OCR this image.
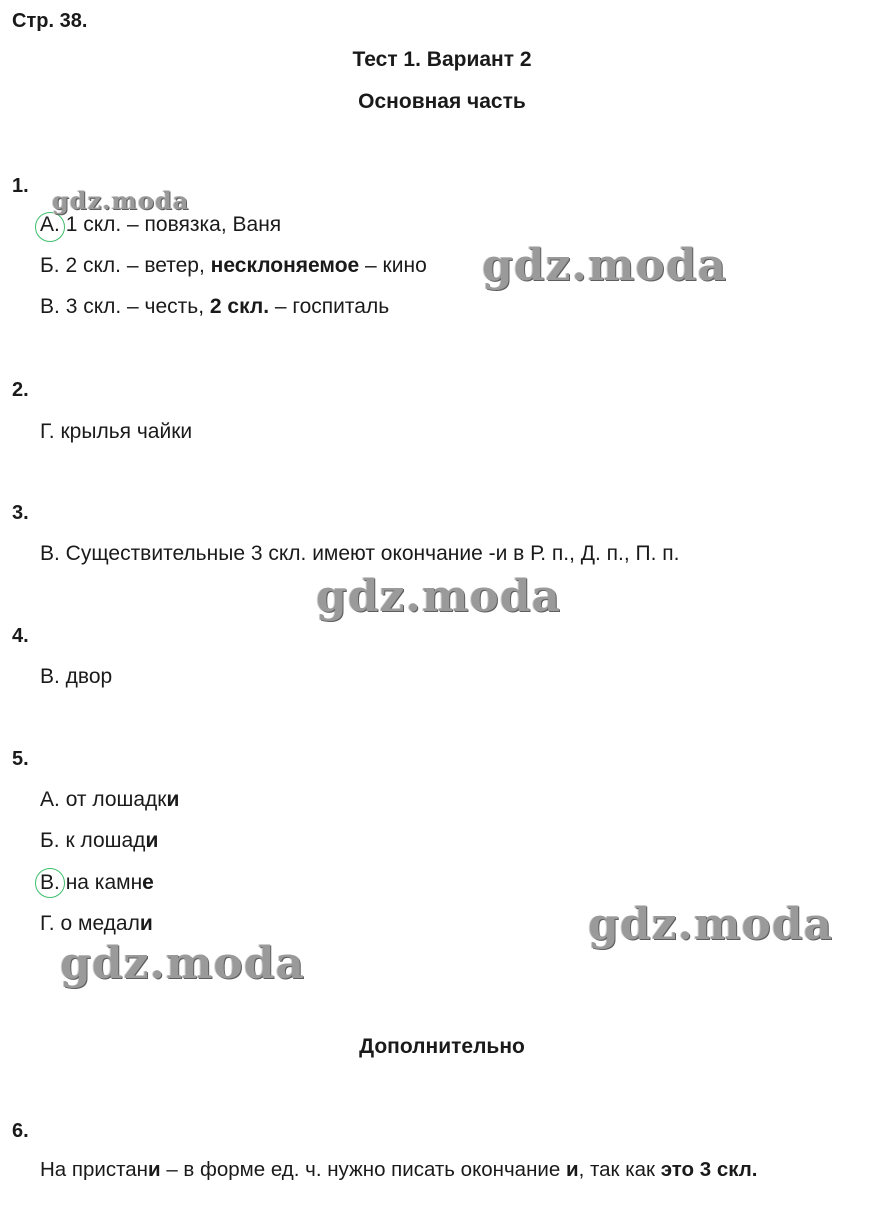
Стр. 38.
Тест 1. Вариант 2
Основная часть
1.
А. 1 скл. – повязка, Ваня
Б. 2 скл. – ветер, несклоняемое – кино
В. 3 скл. – честь, 2 скл. – госпиталь
2.
Г. крылья чайки
3.
В. Существительные 3 скл. имеют окончание -и в Р. п., Д. п., П. п.
4.
В. двор
5.
А. от лошадки
Б. к лошади
В. на камне
Г. о медали
Дополнительно
6.
На пристани – в форме ед. ч. нужно писать окончание и, так как это 3 скл.
gdz.moda
gdz.moda
gdz.moda
gdz.moda
gdz.moda
